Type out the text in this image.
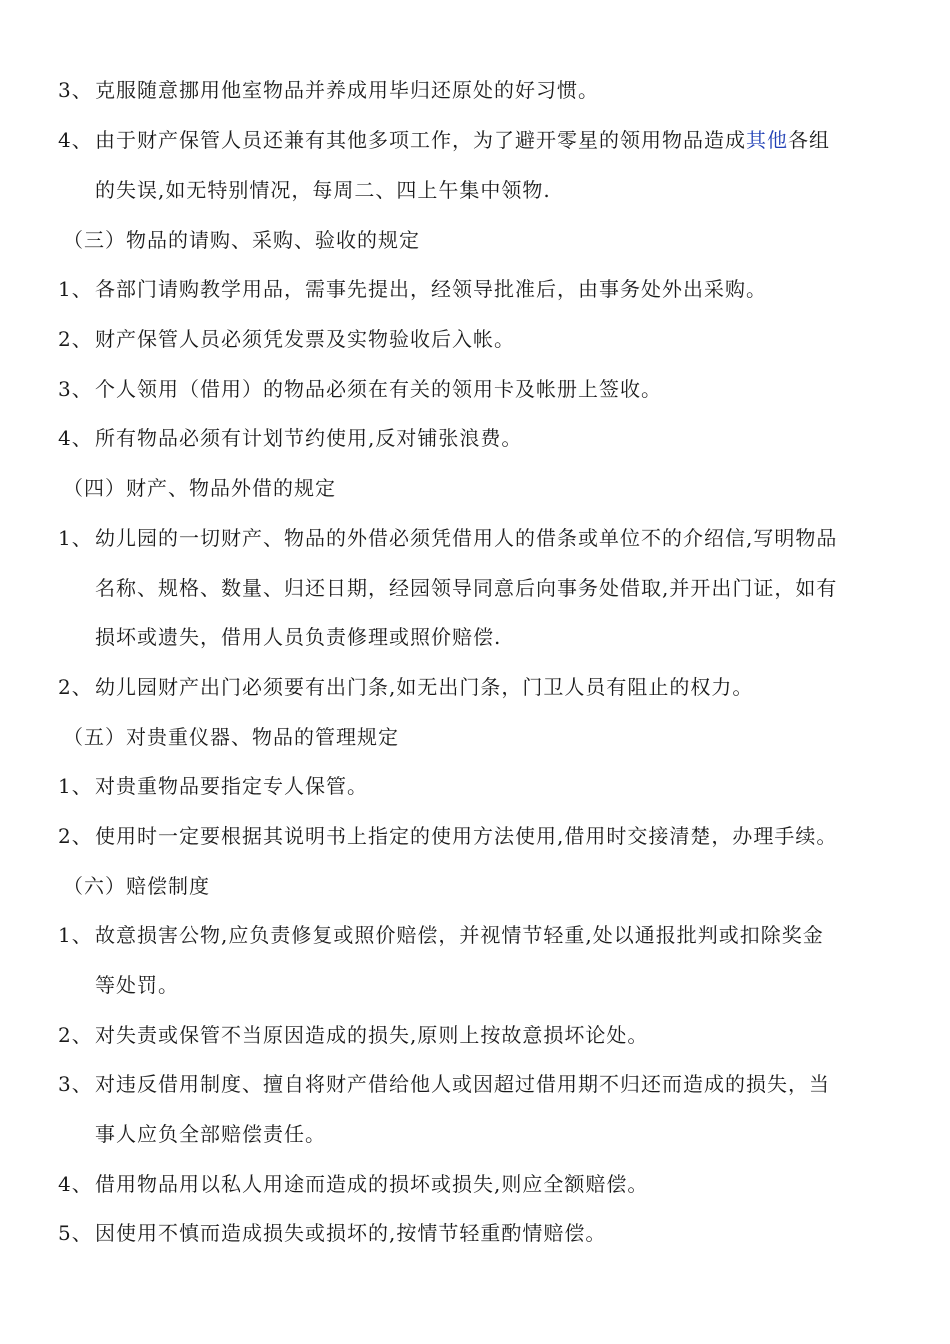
3、 克服随意挪用他室物品并养成用毕归还原处的好习惯。
4、 由于财产保管人员还兼有其他多项工作，为了避开零星的领用物品造成其他各组
的失误,如无特别情况，每周二、四上午集中领物.
（三）物品的请购、采购、验收的规定
1、 各部门请购教学用品，需事先提出，经领导批准后，由事务处外出采购。
2、 财产保管人员必须凭发票及实物验收后入帐。
3、 个人领用（借用）的物品必须在有关的领用卡及帐册上签收。
4、 所有物品必须有计划节约使用,反对铺张浪费。
（四）财产、物品外借的规定
1、 幼儿园的一切财产、物品的外借必须凭借用人的借条或单位不的介绍信,写明物品
名称、规格、数量、归还日期，经园领导同意后向事务处借取,并开出门证，如有
损坏或遗失，借用人员负责修理或照价赔偿.
2、 幼儿园财产出门必须要有出门条,如无出门条，门卫人员有阻止的权力。
（五）对贵重仪器、物品的管理规定
1、 对贵重物品要指定专人保管。
2、 使用时一定要根据其说明书上指定的使用方法使用,借用时交接清楚，办理手续。
（六）赔偿制度
1、 故意损害公物,应负责修复或照价赔偿，并视情节轻重,处以通报批判或扣除奖金
等处罚。
2、 对失责或保管不当原因造成的损失,原则上按故意损坏论处。
3、 对违反借用制度、擅自将财产借给他人或因超过借用期不归还而造成的损失，当
事人应负全部赔偿责任。
4、 借用物品用以私人用途而造成的损坏或损失,则应全额赔偿。
5、 因使用不慎而造成损失或损坏的,按情节轻重酌情赔偿。
